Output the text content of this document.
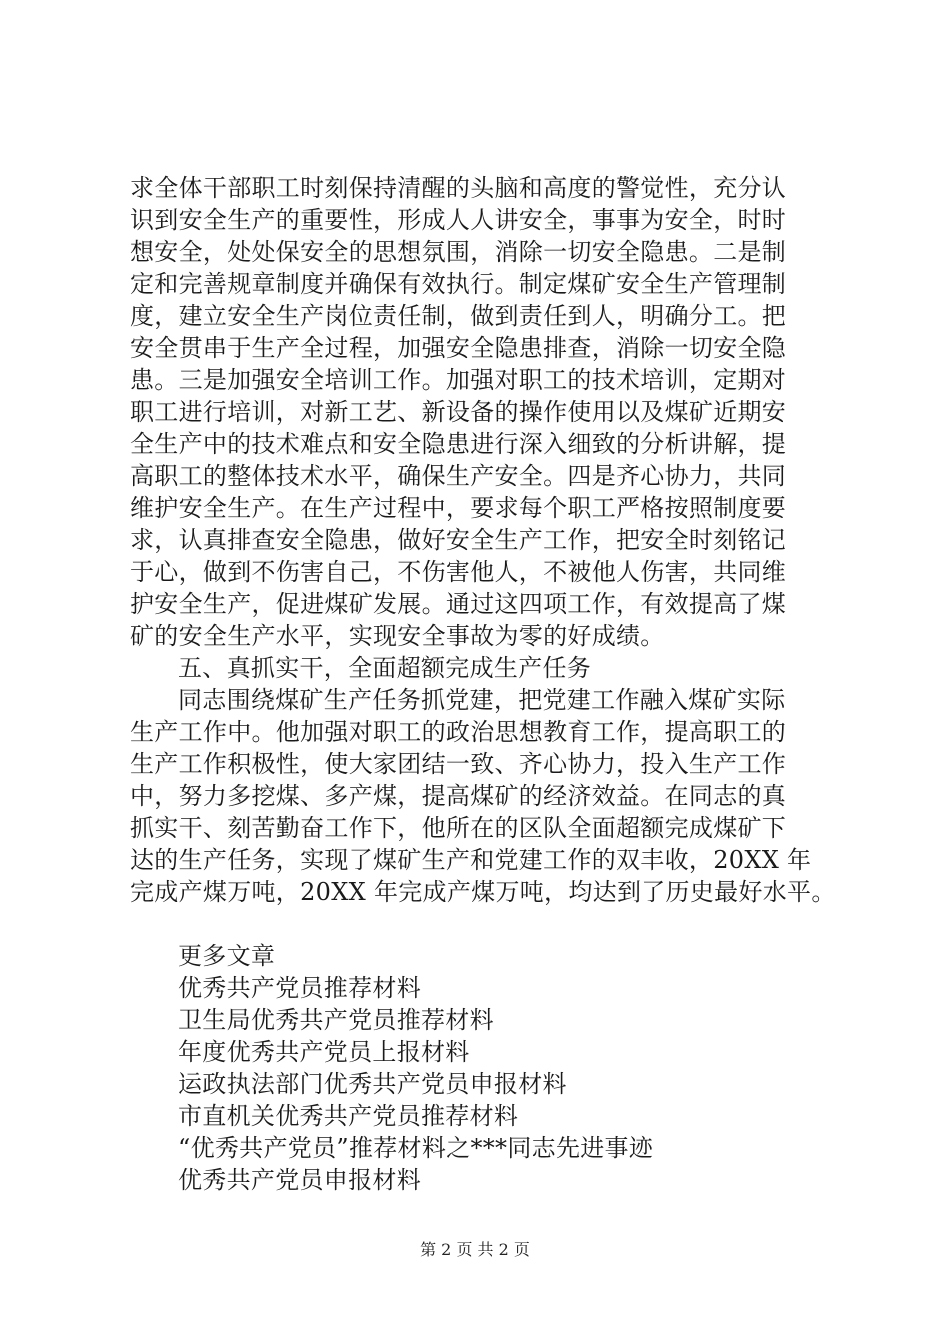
求全体干部职工时刻保持清醒的头脑和高度的警觉性，充分认
识到安全生产的重要性，形成人人讲安全，事事为安全，时时
想安全，处处保安全的思想氛围，消除一切安全隐患。二是制
定和完善规章制度并确保有效执行。制定煤矿安全生产管理制
度，建立安全生产岗位责任制，做到责任到人，明确分工。把
安全贯串于生产全过程，加强安全隐患排查，消除一切安全隐
患。三是加强安全培训工作。加强对职工的技术培训，定期对
职工进行培训，对新工艺、新设备的操作使用以及煤矿近期安
全生产中的技术难点和安全隐患进行深入细致的分析讲解，提
高职工的整体技术水平，确保生产安全。四是齐心协力，共同
维护安全生产。在生产过程中，要求每个职工严格按照制度要
求，认真排查安全隐患，做好安全生产工作，把安全时刻铭记
于心，做到不伤害自己，不伤害他人，不被他人伤害，共同维
护安全生产，促进煤矿发展。通过这四项工作，有效提高了煤
矿的安全生产水平，实现安全事故为零的好成绩。
五、真抓实干，全面超额完成生产任务
同志围绕煤矿生产任务抓党建，把党建工作融入煤矿实际
生产工作中。他加强对职工的政治思想教育工作，提高职工的
生产工作积极性，使大家团结一致、齐心协力，投入生产工作
中，努力多挖煤、多产煤，提高煤矿的经济效益。在同志的真
抓实干、刻苦勤奋工作下，他所在的区队全面超额完成煤矿下
达的生产任务，实现了煤矿生产和党建工作的双丰收，20XX 年
完成产煤万吨，20XX 年完成产煤万吨，均达到了历史最好水平。
更多文章
优秀共产党员推荐材料
卫生局优秀共产党员推荐材料
年度优秀共产党员上报材料
运政执法部门优秀共产党员申报材料
市直机关优秀共产党员推荐材料
“优秀共产党员”推荐材料之***同志先进事迹
优秀共产党员申报材料
第 2 页 共 2 页
